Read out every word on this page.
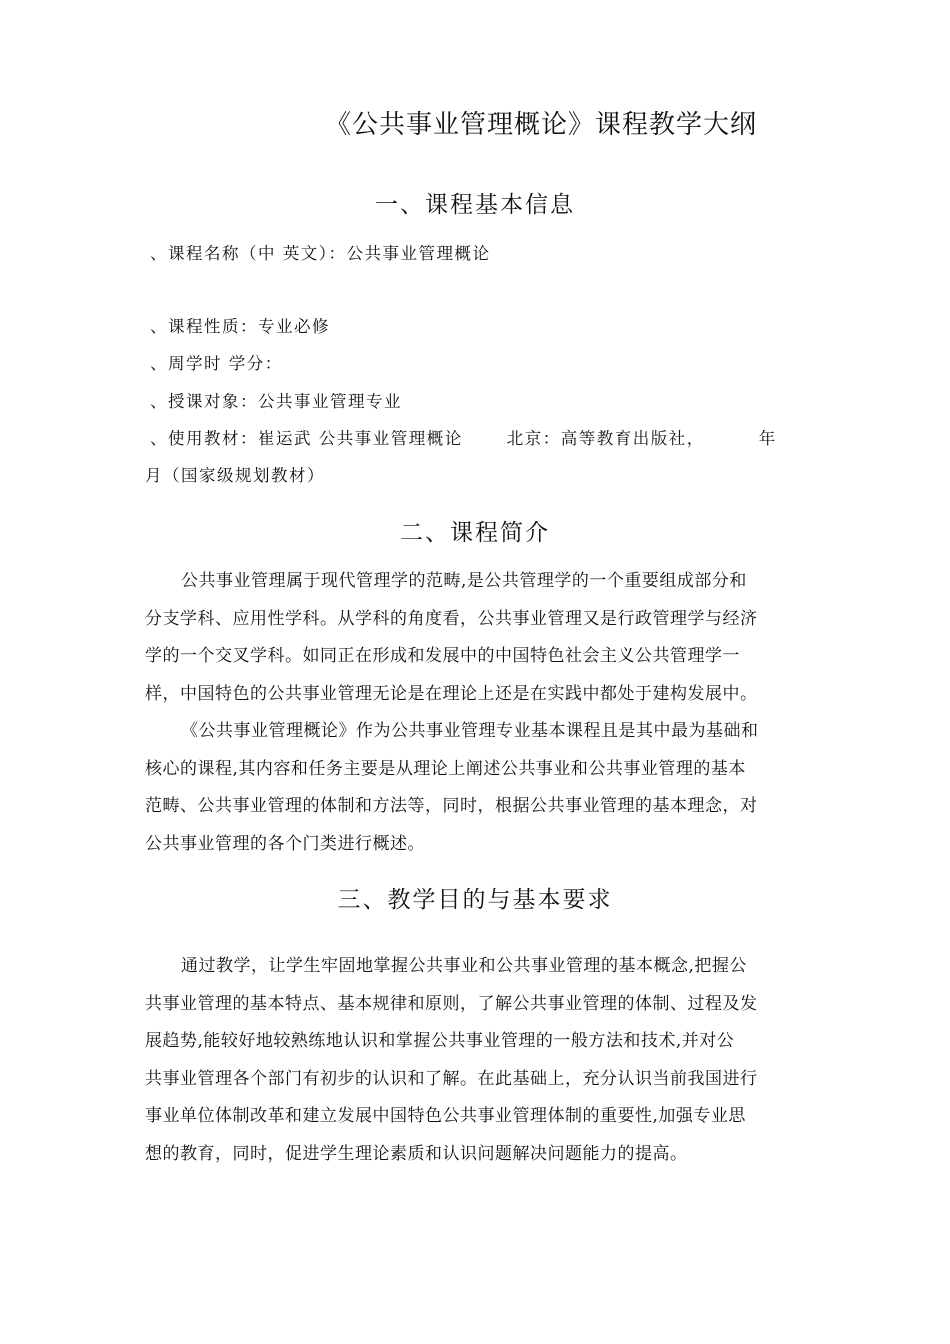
《公共事业管理概论》课程教学大纲
一、课程基本信息
、课程名称（中 英文）：公共事业管理概论
、课程性质：专业必修
、周学时 学分：
、授课对象：公共事业管理专业
、使用教材：崔运武 公共事业管理概论	北京：高等教育出版社，	年
月（国家级规划教材）
二、课程简介
公共事业管理属于现代管理学的范畴,是公共管理学的一个重要组成部分和
分支学科、应用性学科。从学科的角度看，公共事业管理又是行政管理学与经济
学的一个交叉学科。如同正在形成和发展中的中国特色社会主义公共管理学一
样，中国特色的公共事业管理无论是在理论上还是在实践中都处于建构发展中。
《公共事业管理概论》作为公共事业管理专业基本课程且是其中最为基础和
核心的课程,其内容和任务主要是从理论上阐述公共事业和公共事业管理的基本
范畴、公共事业管理的体制和方法等，同时，根据公共事业管理的基本理念，对
公共事业管理的各个门类进行概述。
三、教学目的与基本要求
通过教学，让学生牢固地掌握公共事业和公共事业管理的基本概念,把握公
共事业管理的基本特点、基本规律和原则，了解公共事业管理的体制、过程及发
展趋势,能较好地较熟练地认识和掌握公共事业管理的一般方法和技术,并对公
共事业管理各个部门有初步的认识和了解。在此基础上，充分认识当前我国进行
事业单位体制改革和建立发展中国特色公共事业管理体制的重要性,加强专业思
想的教育，同时，促进学生理论素质和认识问题解决问题能力的提高。
